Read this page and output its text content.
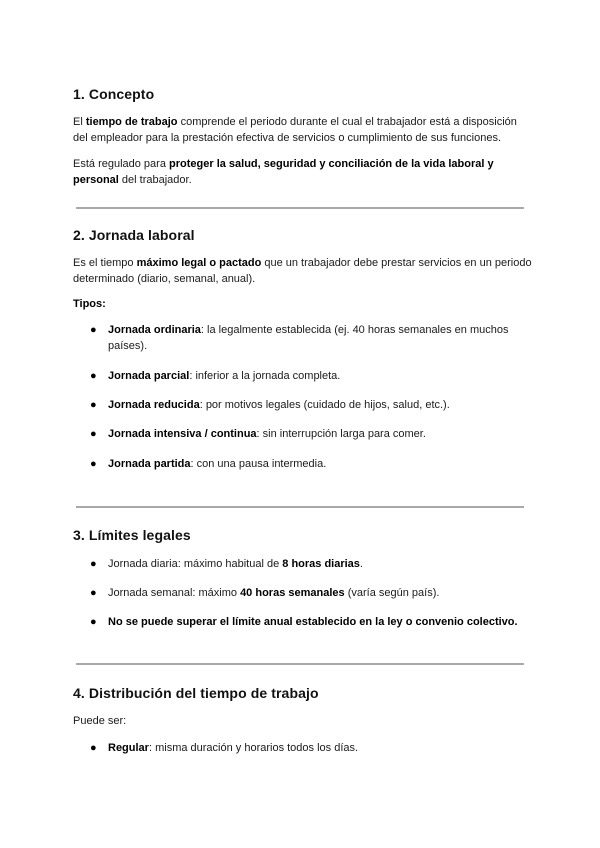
1. Concepto

El tiempo de trabajo comprende el periodo durante el cual el trabajador está a disposición del empleador para la prestación efectiva de servicios o cumplimiento de sus funciones.

Está regulado para proteger la salud, seguridad y conciliación de la vida laboral y personal del trabajador.

2. Jornada laboral

Es el tiempo máximo legal o pactado que un trabajador debe prestar servicios en un periodo determinado (diario, semanal, anual).

Tipos:
● Jornada ordinaria: la legalmente establecida (ej. 40 horas semanales en muchos países).
● Jornada parcial: inferior a la jornada completa.
● Jornada reducida: por motivos legales (cuidado de hijos, salud, etc.).
● Jornada intensiva / continua: sin interrupción larga para comer.
● Jornada partida: con una pausa intermedia.
3. Límites legales
● Jornada diaria: máximo habitual de 8 horas diarias.
● Jornada semanal: máximo 40 horas semanales (varía según país).
● No se puede superar el límite anual establecido en la ley o convenio colectivo.
4. Distribución del tiempo de trabajo

Puede ser:

● Regular: misma duración y horarios todos los días.
